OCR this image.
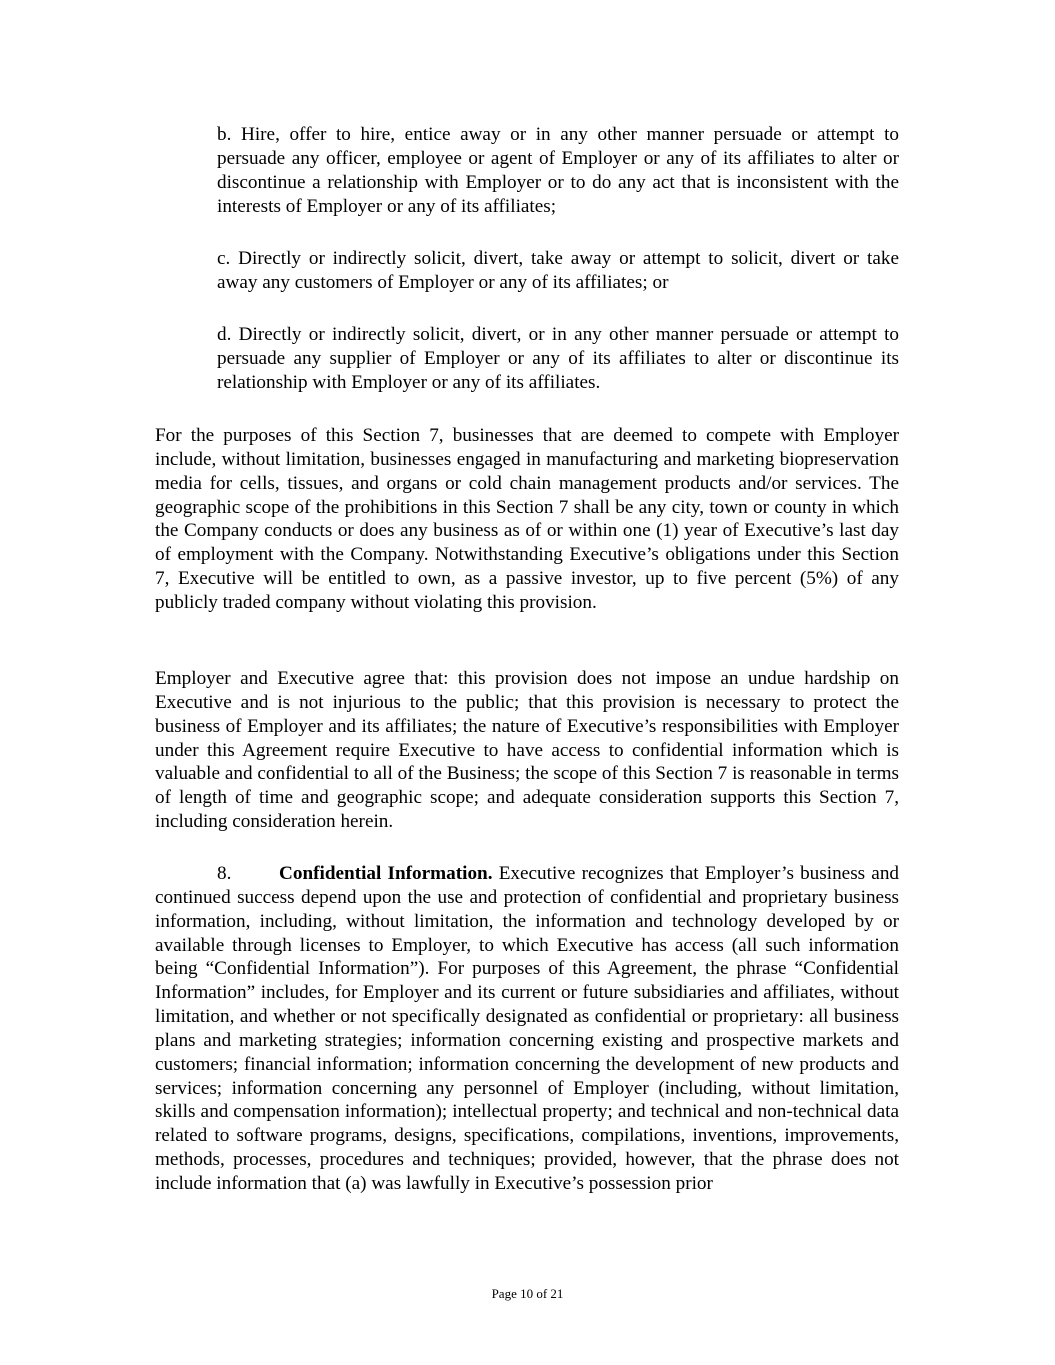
b. Hire, offer to hire, entice away or in any other manner persuade or attempt to persuade any officer, employee or agent of Employer or any of its affiliates to alter or discontinue a relationship with Employer or to do any act that is inconsistent with the interests of Employer or any of its affiliates;

c. Directly or indirectly solicit, divert, take away or attempt to solicit, divert or take away any customers of Employer or any of its affiliates; or

d. Directly or indirectly solicit, divert, or in any other manner persuade or attempt to persuade any supplier of Employer or any of its affiliates to alter or discontinue its relationship with Employer or any of its affiliates.

For the purposes of this Section 7, businesses that are deemed to compete with Employer include, without limitation, businesses engaged in manufacturing and marketing biopreservation media for cells, tissues, and organs or cold chain management products and/or services. The geographic scope of the prohibitions in this Section 7 shall be any city, town or county in which the Company conducts or does any business as of or within one (1) year of Executive’s last day of employment with the Company. Notwithstanding Executive’s obligations under this Section 7, Executive will be entitled to own, as a passive investor, up to five percent (5%) of any publicly traded company without violating this provision.

Employer and Executive agree that: this provision does not impose an undue hardship on Executive and is not injurious to the public; that this provision is necessary to protect the business of Employer and its affiliates; the nature of Executive’s responsibilities with Employer under this Agreement require Executive to have access to confidential information which is valuable and confidential to all of the Business; the scope of this Section 7 is reasonable in terms of length of time and geographic scope; and adequate consideration supports this Section 7, including consideration herein.

8. Confidential Information. Executive recognizes that Employer’s business and continued success depend upon the use and protection of confidential and proprietary business information, including, without limitation, the information and technology developed by or available through licenses to Employer, to which Executive has access (all such information being “Confidential Information”). For purposes of this Agreement, the phrase “Confidential Information” includes, for Employer and its current or future subsidiaries and affiliates, without limitation, and whether or not specifically designated as confidential or proprietary: all business plans and marketing strategies; information concerning existing and prospective markets and customers; financial information; information concerning the development of new products and services; information concerning any personnel of Employer (including, without limitation, skills and compensation information); intellectual property; and technical and non-technical data related to software programs, designs, specifications, compilations, inventions, improvements, methods, processes, procedures and techniques; provided, however, that the phrase does not include information that (a) was lawfully in Executive’s possession prior

Page 10 of 21
